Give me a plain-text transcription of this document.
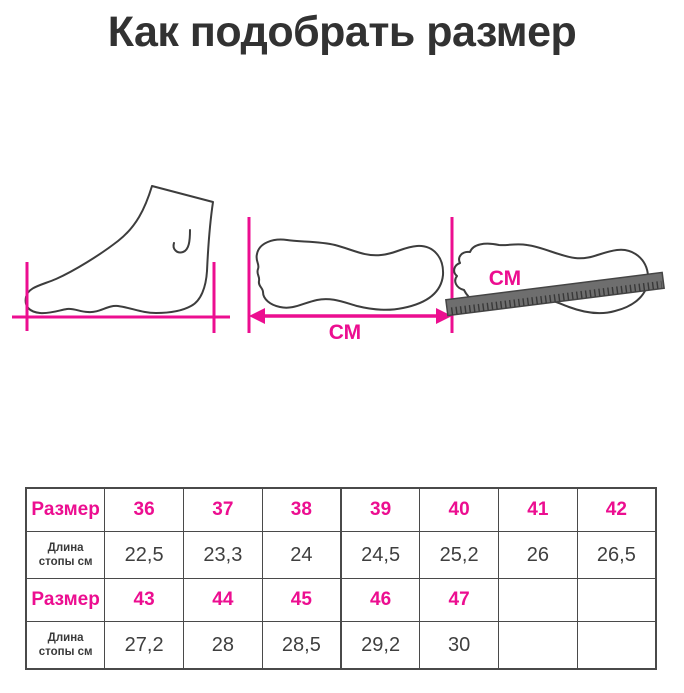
Как подобрать размер
СМ
СМ
Размер	36	37	38	39	40	41	42
Длина стопы см	22,5	23,3	24	24,5	25,2	26	26,5
Размер	43	44	45	46	47		
Длина стопы см	27,2	28	28,5	29,2	30		
